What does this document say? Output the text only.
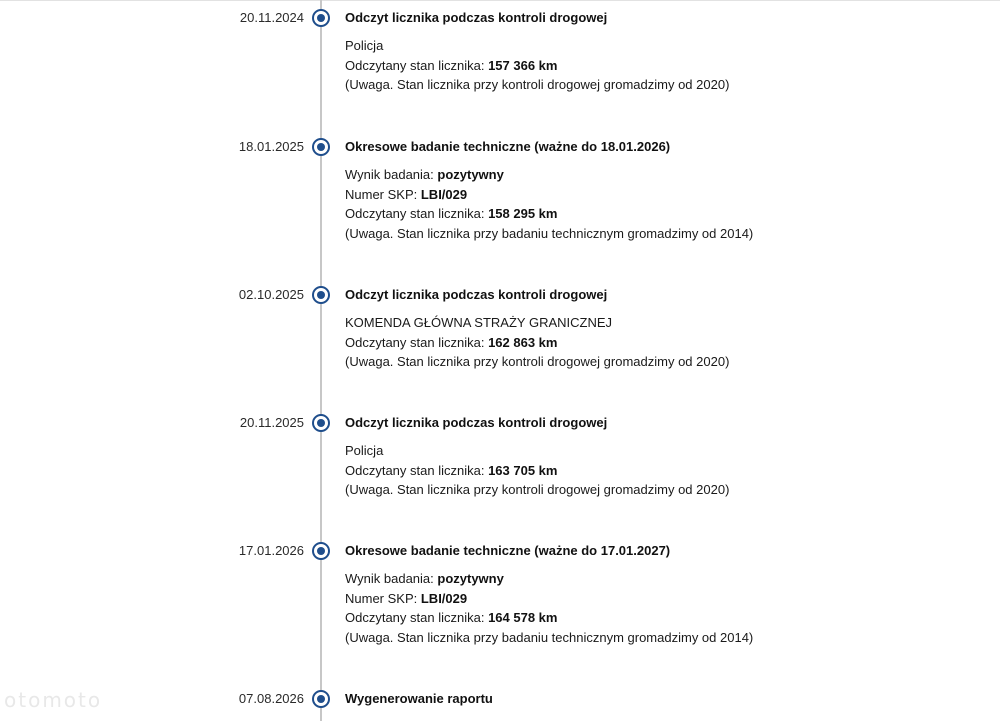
20.11.2024	Odczyt licznika podczas kontroli drogowej
Policja
Odczytany stan licznika: 157 366 km
(Uwaga. Stan licznika przy kontroli drogowej gromadzimy od 2020)
18.01.2025	Okresowe badanie techniczne (ważne do 18.01.2026)
Wynik badania: pozytywny
Numer SKP: LBI/029
Odczytany stan licznika: 158 295 km
(Uwaga. Stan licznika przy badaniu technicznym gromadzimy od 2014)
02.10.2025	Odczyt licznika podczas kontroli drogowej
KOMENDA GŁÓWNA STRAŻY GRANICZNEJ
Odczytany stan licznika: 162 863 km
(Uwaga. Stan licznika przy kontroli drogowej gromadzimy od 2020)
20.11.2025	Odczyt licznika podczas kontroli drogowej
Policja
Odczytany stan licznika: 163 705 km
(Uwaga. Stan licznika przy kontroli drogowej gromadzimy od 2020)
17.01.2026	Okresowe badanie techniczne (ważne do 17.01.2027)
Wynik badania: pozytywny
Numer SKP: LBI/029
Odczytany stan licznika: 164 578 km
(Uwaga. Stan licznika przy badaniu technicznym gromadzimy od 2014)
07.08.2026	Wygenerowanie raportu
otomoto
